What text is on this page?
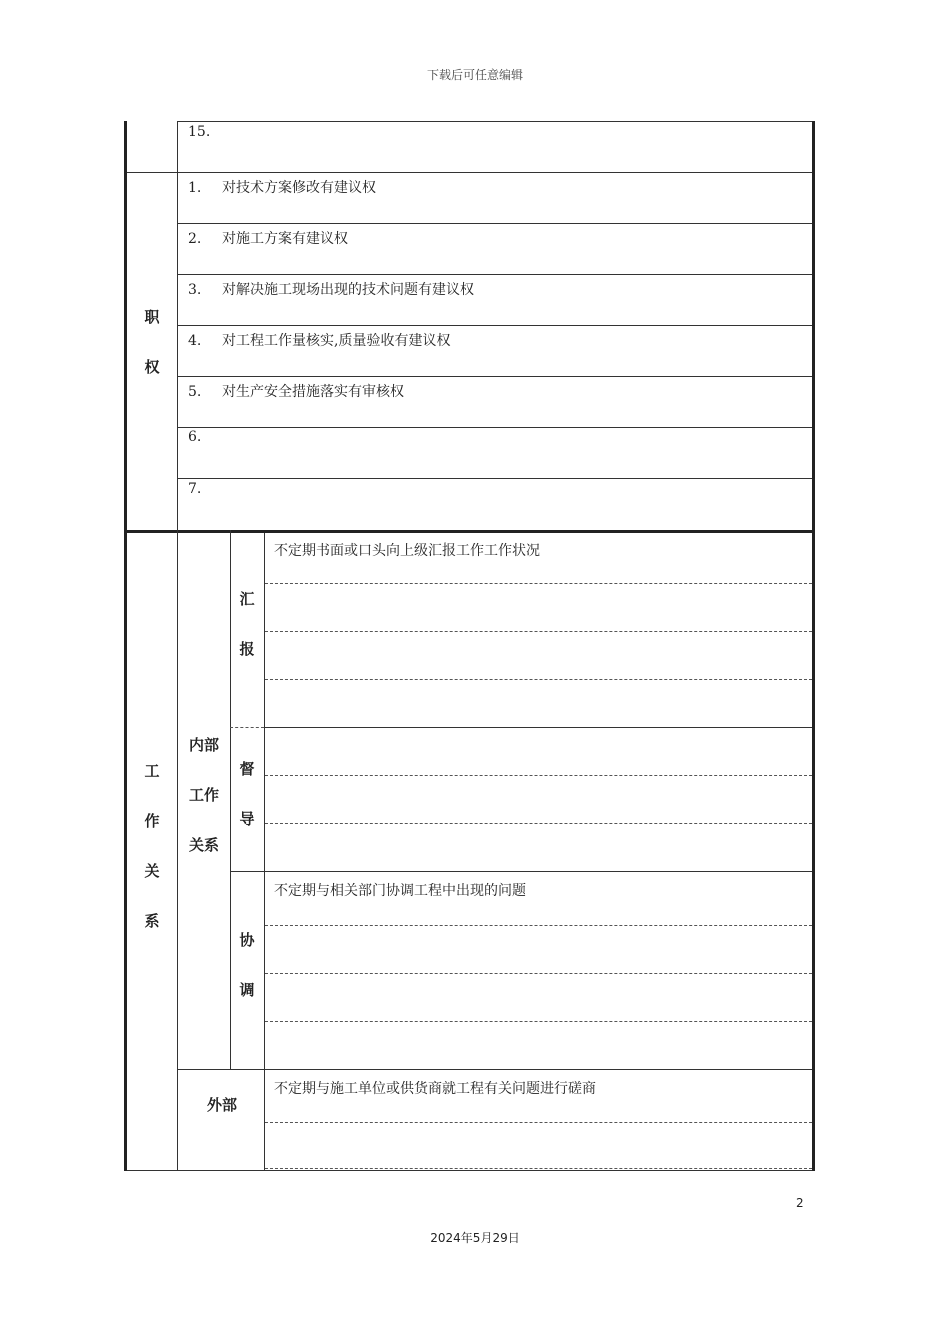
下载后可任意编辑
15.
职
权
1. 对技术方案修改有建议权
2. 对施工方案有建议权
3. 对解决施工现场出现的技术问题有建议权
4. 对工程工作量核实,质量验收有建议权
5. 对生产安全措施落实有审核权
6.
7.
工
作
关
系
内部
工作
关系
汇
报
不定期书面或口头向上级汇报工作工作状况
督
导
协
调
不定期与相关部门协调工程中出现的问题
外部
不定期与施工单位或供货商就工程有关问题进行磋商
2
2024年5月29日
